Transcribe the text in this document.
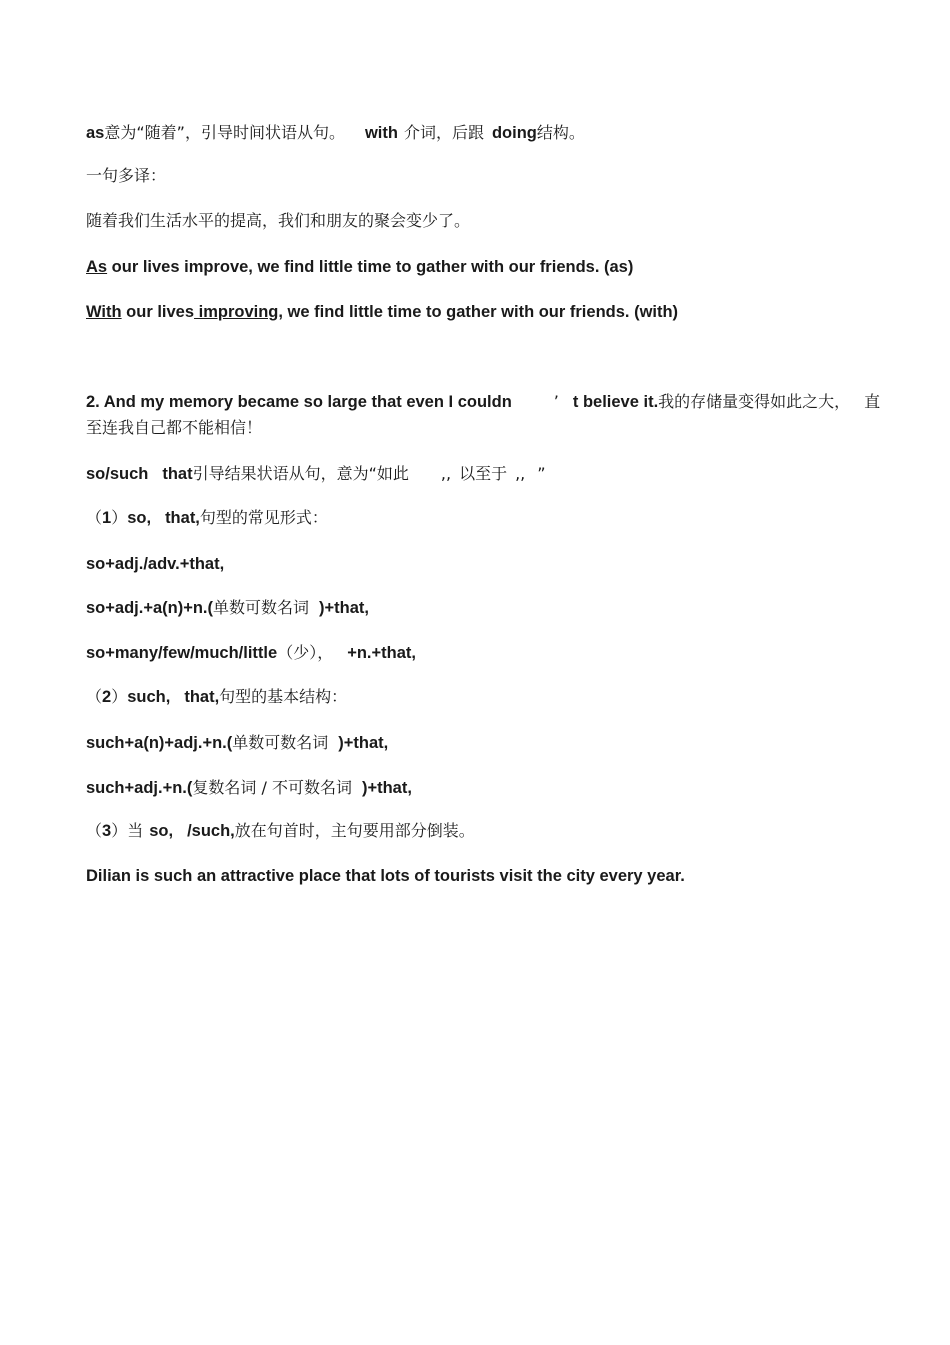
as意为“随着”，引导时间状语从句。 with 介词，后跟 doing结构。
一句多译：
随着我们生活水平的提高，我们和朋友的聚会变少了。
As our lives improve, we find little time to gather with our friends. (as)
With our lives improving, we find little time to gather with our friends. (with)
2. And my memory became so large that even I couldn	’ t believe it.我的存储量变得如此之大， 直
至连我自己都不能相信！
so/such that引导结果状语从句，意为“如此 ,, 以至于 ,, ”
（1）so, that,句型的常见形式：
so+adj./adv.+that,
so+adj.+a(n)+n.(单数可数名词 )+that,
so+many/few/much/little（少）， +n.+that,
（2）such, that,句型的基本结构：
such+a(n)+adj.+n.(单数可数名词 )+that,
such+adj.+n.(复数名词 / 不可数名词 )+that,
（3）当 so, /such,放在句首时，主句要用部分倒装。
Dilian is such an attractive place that lots of tourists visit the city every year.
